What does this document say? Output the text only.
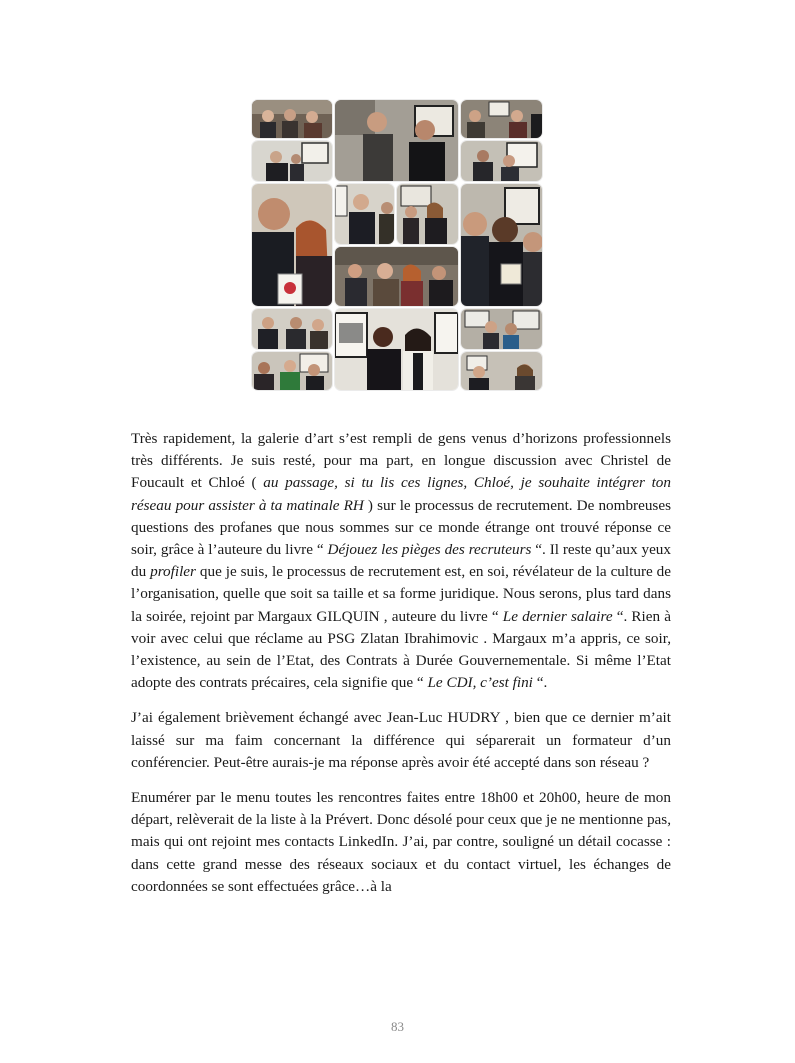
Très rapidement, la galerie d’art s’est rempli de gens venus d’horizons professionnels très différents. Je suis resté, pour ma part, en longue discussion avec Christel de Foucault et Chloé ( au passage, si tu lis ces lignes, Chloé, je souhaite intégrer ton réseau pour assister à ta matinale RH ) sur le processus de recrutement. De nombreuses questions des profanes que nous sommes sur ce monde étrange ont trouvé réponse ce soir, grâce à l’auteure du livre “ Déjouez les pièges des recruteurs “. Il reste qu’aux yeux du profiler que je suis, le processus de recrutement est, en soi, révélateur de la culture de l’organisation, quelle que soit sa taille et sa forme juridique. Nous serons, plus tard dans la soirée, rejoint par Margaux GILQUIN , auteure du livre “ Le dernier salaire “. Rien à voir avec celui que réclame au PSG Zlatan Ibrahimovic . Margaux m’a appris, ce soir, l’existence, au sein de l’Etat, des Contrats à Durée Gouvernementale. Si même l’Etat adopte des contrats précaires, cela signifie que “ Le CDI, c’est fini “.

J’ai également brièvement échangé avec Jean-Luc HUDRY , bien que ce dernier m’ait laissé sur ma faim concernant la différence qui séparerait un formateur d’un conférencier. Peut-être aurais-je ma réponse après avoir été accepté dans son réseau ?

Enumérer par le menu toutes les rencontres faites entre 18h00 et 20h00, heure de mon départ, relèverait de la liste à la Prévert. Donc désolé pour ceux que je ne mentionne pas, mais qui ont rejoint mes contacts LinkedIn. J’ai, par contre, souligné un détail cocasse : dans cette grand messe des réseaux sociaux et du contact virtuel, les échanges de coordonnées se sont effectuées grâce…à la

83
